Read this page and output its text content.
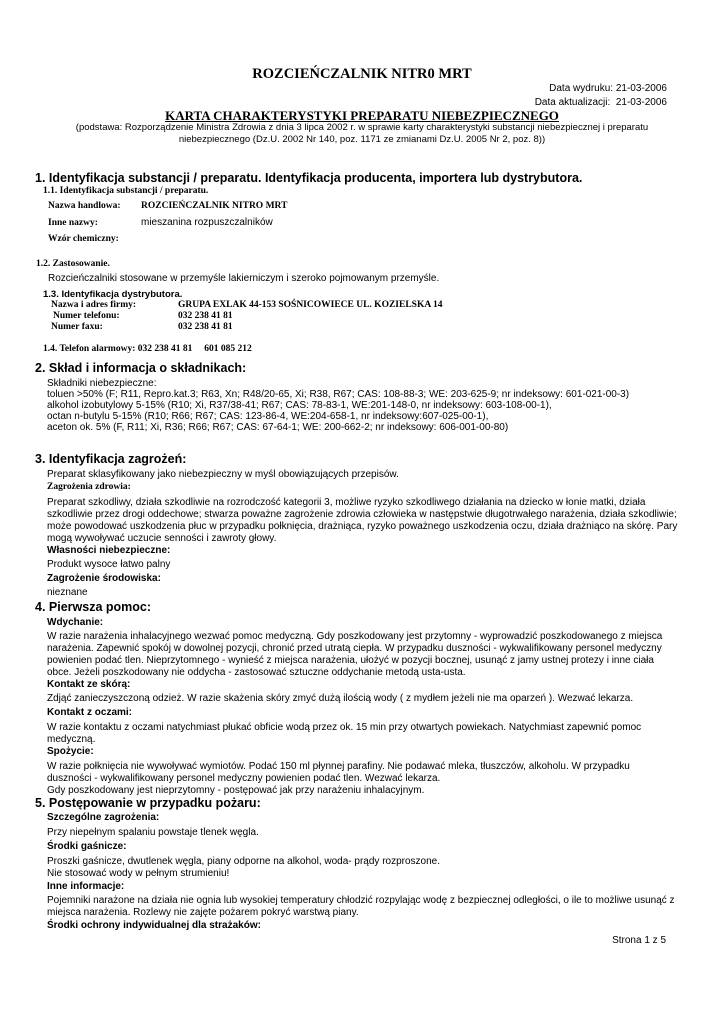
ROZCIEŃCZALNIK NITR0 MRT
Data wydruku: 21-03-2006
Data aktualizacji: 21-03-2006
KARTA CHARAKTERYSTYKI PREPARATU NIEBEZPIECZNEGO
(podstawa: Rozporządzenie Ministra Zdrowia z dnia 3 lipca 2002 r. w sprawie karty charakterystyki substancji niebezpiecznej i preparatu
niebezpiecznego (Dz.U. 2002 Nr 140, poz. 1171 ze zmianami Dz.U. 2005 Nr 2, poz. 8))
1. Identyfikacja substancji / preparatu. Identyfikacja producenta, importera lub dystrybutora.
1.1. Identyfikacja substancji / preparatu.
Nazwa handlowa: ROZCIEŃCZALNIK NITRO MRT
Inne nazwy:	mieszanina rozpuszczalników
Wzór chemiczny:
1.2. Zastosowanie.
Rozcieńczalniki stosowane w przemyśle lakierniczym i szeroko pojmowanym przemyśle.
1.3. Identyfikacja dystrybutora.
Nazwa i adres firmy:	GRUPA EXLAK 44-153 SOŚNICOWIECE UL. KOZIELSKA 14
Numer telefonu:	032 238 41 81
Numer faxu:	032 238 41 81
1.4. Telefon alarmowy: 032 238 41 81     601 085 212
2. Skład i informacja o składnikach:
Składniki niebezpieczne:
toluen >50% (F; R11, Repro.kat.3; R63, Xn; R48/20-65, Xi; R38, R67; CAS: 108-88-3; WE: 203-625-9; nr indeksowy: 601-021-00-3)
alkohol izobutylowy 5-15% (R10; Xi, R37/38-41; R67; CAS: 78-83-1, WE:201-148-0, nr indeksowy: 603-108-00-1),
octan n-butylu 5-15% (R10; R66; R67; CAS: 123-86-4, WE:204-658-1, nr indeksowy:607-025-00-1),
aceton ok. 5% (F, R11; Xi, R36; R66; R67; CAS: 67-64-1; WE: 200-662-2; nr indeksowy: 606-001-00-80)
3. Identyfikacja zagrożeń:
Preparat sklasyfikowany jako niebezpieczny w myśl obowiązujących przepisów.
Zagrożenia zdrowia:
Preparat szkodliwy, działa szkodliwie na rozrodczość kategorii 3, możliwe ryzyko szkodliwego działania na dziecko w łonie matki, działa
szkodliwie przez drogi oddechowe; stwarza poważne zagrożenie zdrowia człowieka w następstwie długotrwałego narażenia, działa szkodliwie;
może powodować uszkodzenia płuc w przypadku połknięcia, drażniąca, ryzyko poważnego uszkodzenia oczu, działa drażniąco na skórę. Pary
mogą wywoływać uczucie senności i zawroty głowy.
Własności niebezpieczne:
Produkt wysoce łatwo palny
Zagrożenie środowiska:
nieznane
4. Pierwsza pomoc:
Wdychanie:
W razie narażenia inhalacyjnego wezwać pomoc medyczną. Gdy poszkodowany jest przytomny - wyprowadzić poszkodowanego z miejsca
narażenia. Zapewnić spokój w dowolnej pozycji, chronić przed utratą ciepła. W przypadku duszności - wykwalifikowany personel medyczny
powienien podać tlen. Nieprzytomnego - wynieść z miejsca narażenia, ułożyć w pozycji bocznej, usunąć z jamy ustnej protezy i inne ciała
obce. Jeżeli poszkodowany nie oddycha - zastosować sztuczne oddychanie metodą usta-usta.
Kontakt ze skórą:
Zdjąć zanieczyszczoną odzież. W razie skażenia skóry zmyć dużą ilością wody ( z mydłem jeżeli nie ma oparzeń ). Wezwać lekarza.
Kontakt z oczami:
W razie kontaktu z oczami natychmiast płukać obficie wodą przez ok. 15 min przy otwartych powiekach. Natychmiast zapewnić pomoc
medyczną.
Spożycie:
W razie połknięcia nie wywoływać wymiotów. Podać 150 ml płynnej parafiny. Nie podawać mleka, tłuszczów, alkoholu. W przypadku
duszności - wykwalifikowany personel medyczny powienien podać tlen. Wezwać lekarza.
Gdy poszkodowany jest nieprzytomny - postępować jak przy narażeniu inhalacyjnym.
5. Postępowanie w przypadku pożaru:
Szczególne zagrożenia:
Przy niepełnym spalaniu powstaje tlenek węgla.
Środki gaśnicze:
Proszki gaśnicze, dwutlenek węgla, piany odporne na alkohol, woda- prądy rozproszone.
Nie stosować wody w pełnym strumieniu!
Inne informacje:
Pojemniki narażone na działa nie ognia lub wysokiej temperatury chłodzić rozpylając wodę z bezpiecznej odległości, o ile to możliwe usunąć z
miejsca narażenia. Rozlewy nie zajęte pożarem pokryć warstwą piany.
Środki ochrony indywidualnej dla strażaków:
Strona 1 z 5
